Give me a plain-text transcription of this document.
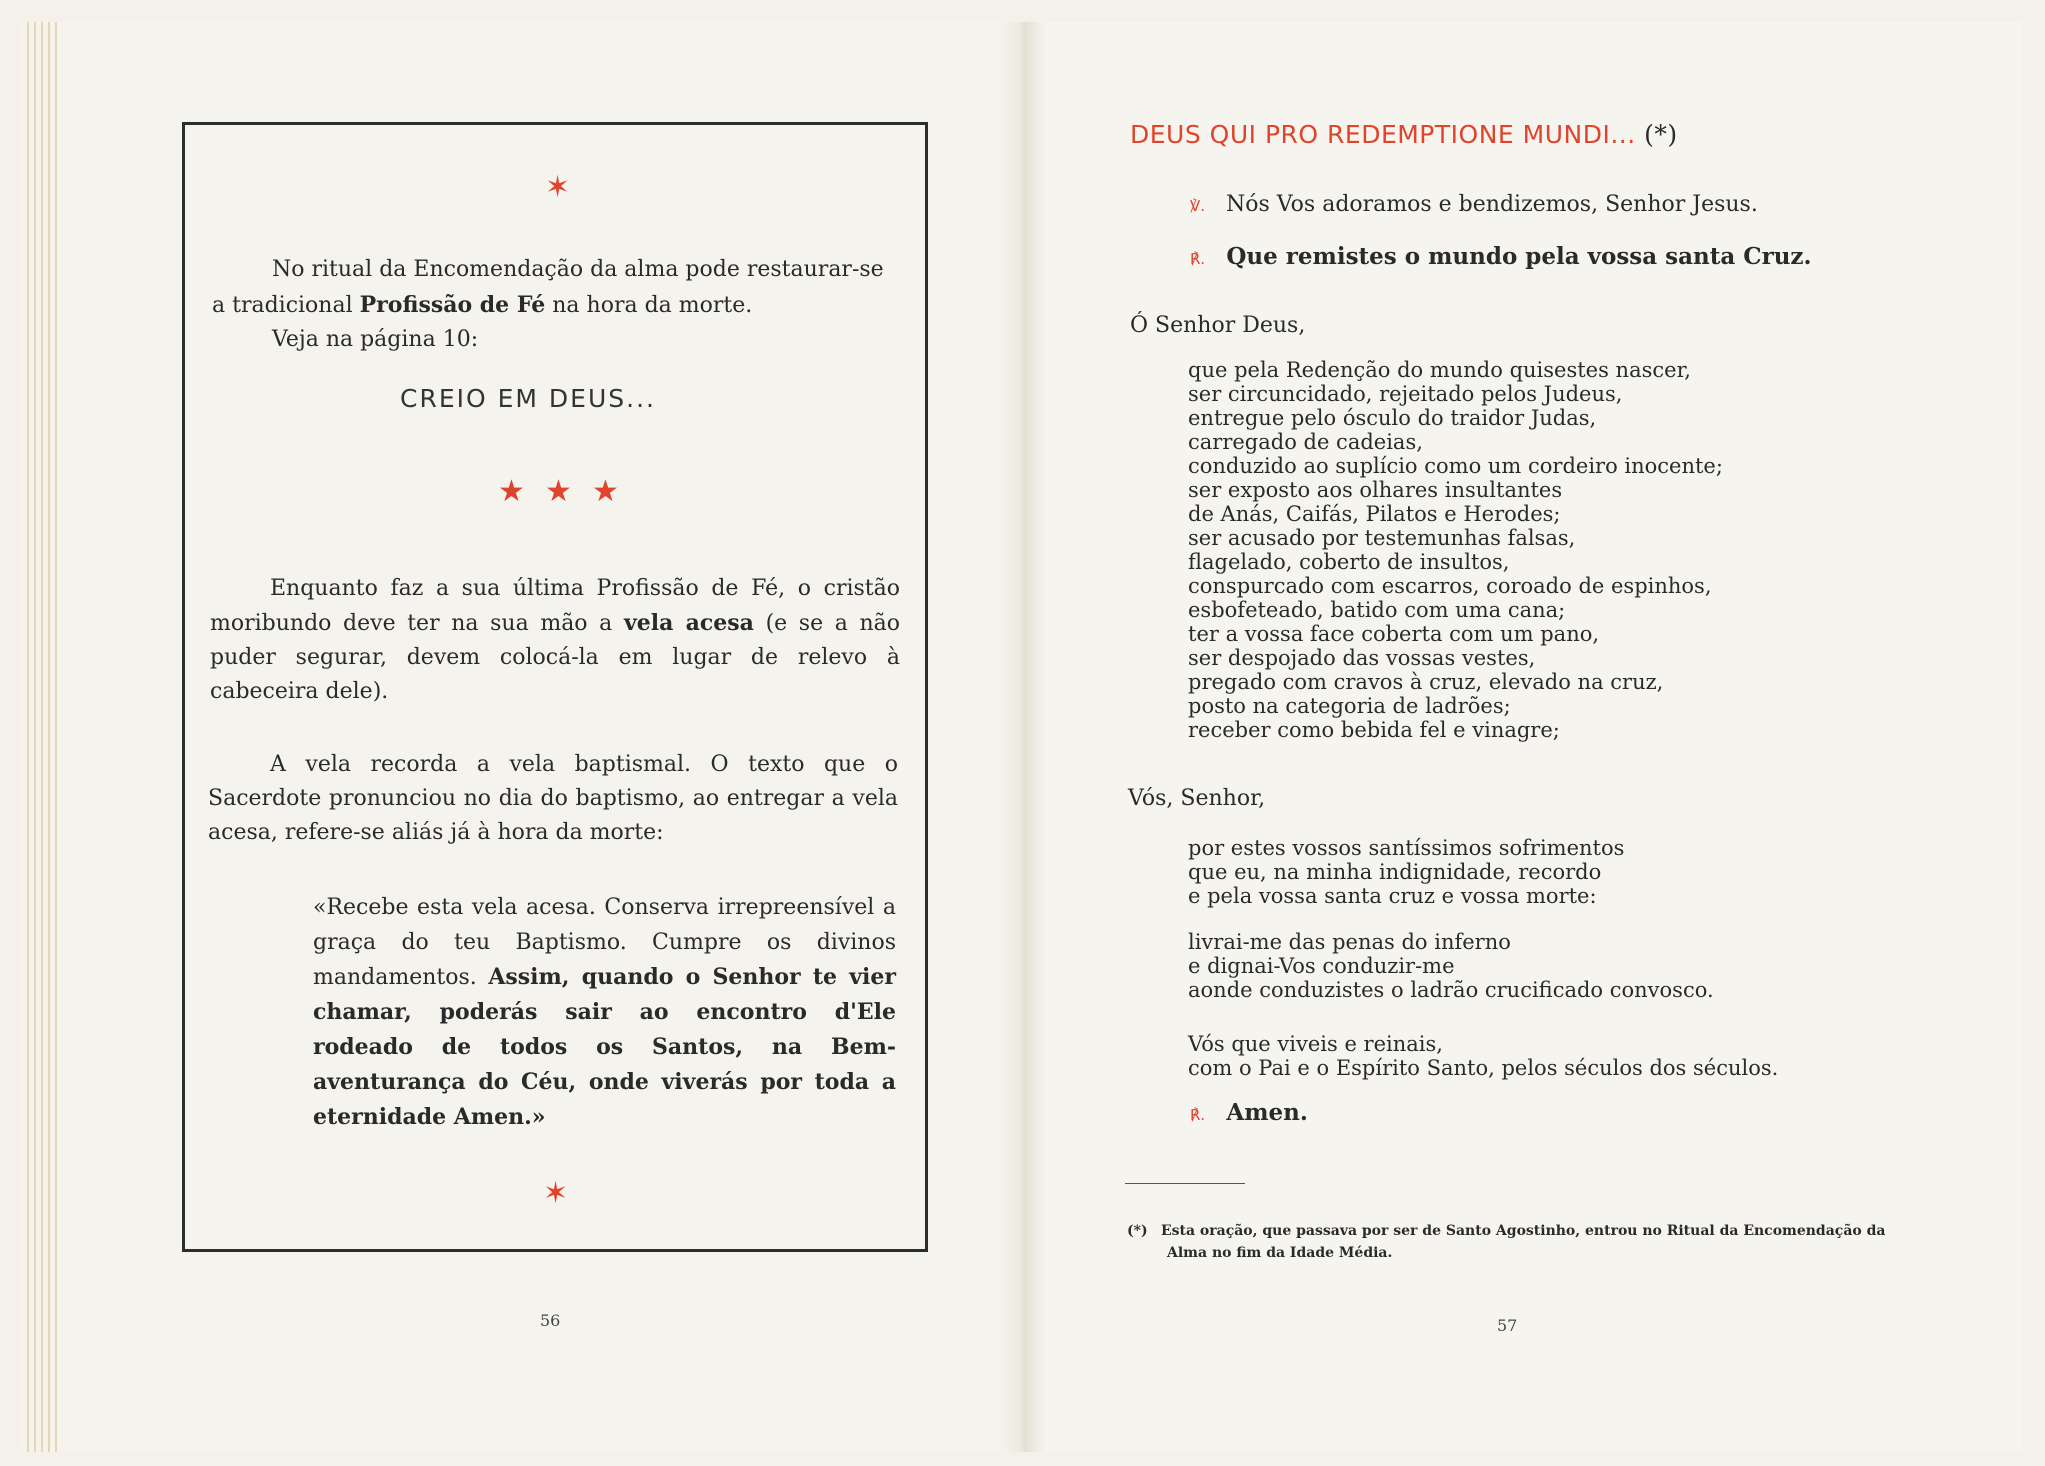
✶

No ritual da Encomendação da alma pode restaurar-se

a tradicional Profissão de Fé na hora da morte.

Veja na página 10:

CREIO EM DEUS...
★ ★ ★

Enquanto faz a sua última Profissão de Fé, o cristão moribundo deve ter na sua mão a vela acesa (e se a não puder segurar, devem colocá-la em lugar de relevo à cabeceira dele).

A vela recorda a vela baptismal. O texto que o Sacerdote pronunciou no dia do baptismo, ao entregar a vela acesa, refere-se aliás já à hora da morte:

«Recebe esta vela acesa. Conserva irrepreensível a graça do teu Baptismo. Cumpre os divinos mandamentos. Assim, quando o Senhor te vier chamar, poderás sair ao encontro d'Ele rodeado de todos os Santos, na Bem-aventurança do Céu, onde viverás por toda a eternidade Amen.»

✶
56
DEUS QUI PRO REDEMPTIONE MUNDI... (*)

℣. Nós Vos adoramos e bendizemos, Senhor Jesus.

℟. Que remistes o mundo pela vossa santa Cruz.

Ó Senhor Deus,

que pela Redenção do mundo quisestes nascer,
ser circuncidado, rejeitado pelos Judeus,
entregue pelo ósculo do traidor Judas,
carregado de cadeias,
conduzido ao suplício como um cordeiro inocente;
ser exposto aos olhares insultantes
de Anás, Caifás, Pilatos e Herodes;
ser acusado por testemunhas falsas,
flagelado, coberto de insultos,
conspurcado com escarros, coroado de espinhos,
esbofeteado, batido com uma cana;
ter a vossa face coberta com um pano,
ser despojado das vossas vestes,
pregado com cravos à cruz, elevado na cruz,
posto na categoria de ladrões;
receber como bebida fel e vinagre;

Vós, Senhor,

por estes vossos santíssimos sofrimentos
que eu, na minha indignidade, recordo
e pela vossa santa cruz e vossa morte:
livrai-me das penas do inferno
e dignai-Vos conduzir-me
aonde conduzistes o ladrão crucificado convosco.
Vós que viveis e reinais,
com o Pai e o Espírito Santo, pelos séculos dos séculos.

℟. Amen.

(*) Esta oração, que passava por ser de Santo Agostinho, entrou no Ritual da Encomendação da Alma no fim da Idade Média.
57
